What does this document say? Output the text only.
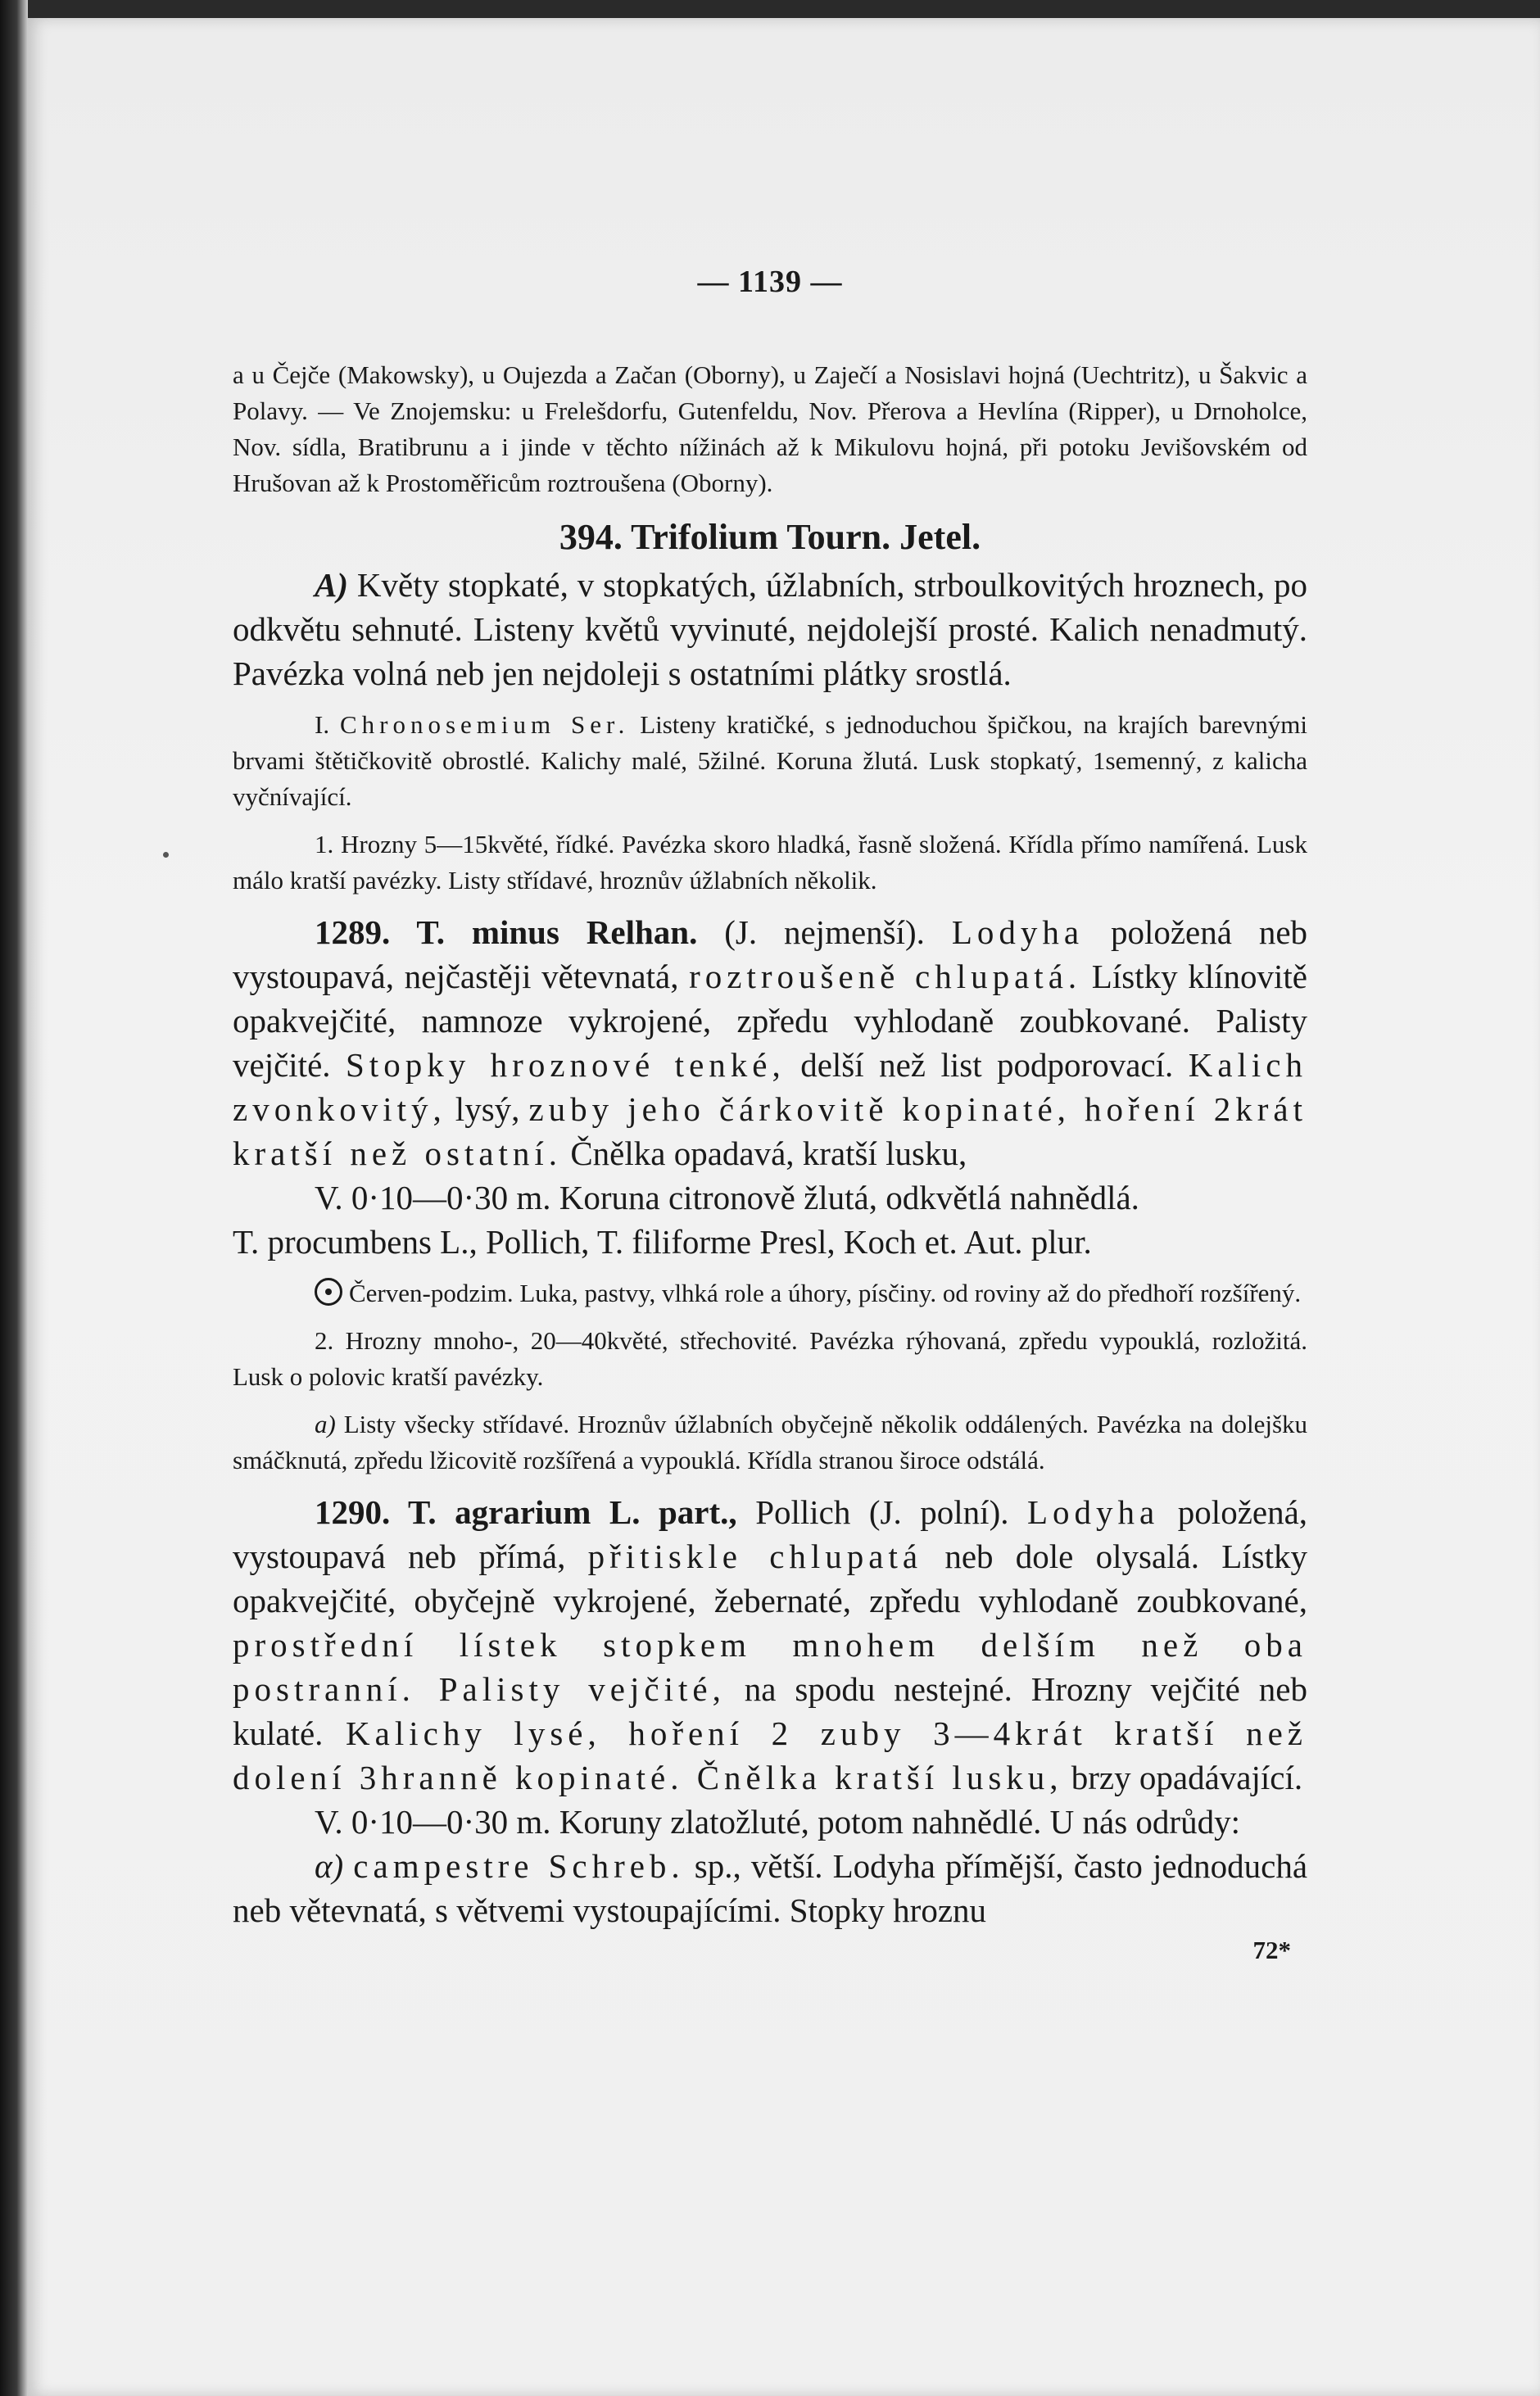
— 1139 —

a u Čejče (Makowsky), u Oujezda a Začan (Oborny), u Zaječí a Nosislavi hojná (Uechtritz), u Šakvic a Polavy. — Ve Znojemsku: u Frelešdorfu, Gutenfeldu, Nov. Přerova a Hevlína (Ripper), u Drnoholce, Nov. sídla, Bratibrunu a i jinde v těchto nížinách až k Mikulovu hojná, při potoku Jevišovském od Hrušovan až k Prostoměřicům roztroušena (Oborny).

394. Trifolium Tourn. Jetel.

A) Květy stopkaté, v stopkatých, úžlabních, strboulkovitých hroznech, po odkvětu sehnuté. Listeny květů vyvinuté, nejdolejší prosté. Kalich nenadmutý. Pavézka volná neb jen nejdoleji s ostatními plátky srostlá.

I. Chronosemium Ser. Listeny kratičké, s jednoduchou špičkou, na krajích barevnými brvami štětičkovitě obrostlé. Kalichy malé, 5žilné. Koruna žlutá. Lusk stopkatý, 1semenný, z kalicha vyčnívající.

1. Hrozny 5—15květé, řídké. Pavézka skoro hladká, řasně složená. Křídla přímo namířená. Lusk málo kratší pavézky. Listy střídavé, hroznův úžlabních několik.

1289. T. minus Relhan. (J. nejmenší). Lodyha položená neb vystoupavá, nejčastěji větevnatá, roztroušeně chlupatá. Lístky klínovitě opakvejčité, namnoze vykrojené, zpředu vyhlodaně zoubkované. Palisty vejčité. Stopky hroznové tenké, delší než list podporovací. Kalich zvonkovitý, lysý, zuby jeho čárkovitě kopinaté, hoření 2krát kratší než ostatní. Čnělka opadavá, kratší lusku,

V. 0·10—0·30 m. Koruna citronově žlutá, odkvětlá nahnědlá.

T. procumbens L., Pollich, T. filiforme Presl, Koch et. Aut. plur.

Červen-podzim. Luka, pastvy, vlhká role a úhory, písčiny. od roviny až do předhoří rozšířený.

2. Hrozny mnoho-, 20—40květé, střechovité. Pavézka rýhovaná, zpředu vypouklá, rozložitá. Lusk o polovic kratší pavézky.

a) Listy všecky střídavé. Hroznův úžlabních obyčejně několik oddálených. Pavézka na dolejšku smáčknutá, zpředu lžicovitě rozšířená a vypouklá. Křídla stranou široce odstálá.

1290. T. agrarium L. part., Pollich (J. polní). Lodyha položená, vystoupavá neb přímá, přitiskle chlupatá neb dole olysalá. Lístky opakvejčité, obyčejně vykrojené, žebernaté, zpředu vyhlodaně zoubkované, prostřední lístek stopkem mnohem delším než oba postranní. Palisty vejčité, na spodu nestejné. Hrozny vejčité neb kulaté. Kalichy lysé, hoření 2 zuby 3—4krát kratší než dolení 3hranně kopinaté. Čnělka kratší lusku, brzy opadávající.

V. 0·10—0·30 m. Koruny zlatožluté, potom nahnědlé. U nás odrůdy:

α) campestre Schreb. sp., větší. Lodyha přímější, často jednoduchá neb větevnatá, s větvemi vystoupajícími. Stopky hroznu

72*
